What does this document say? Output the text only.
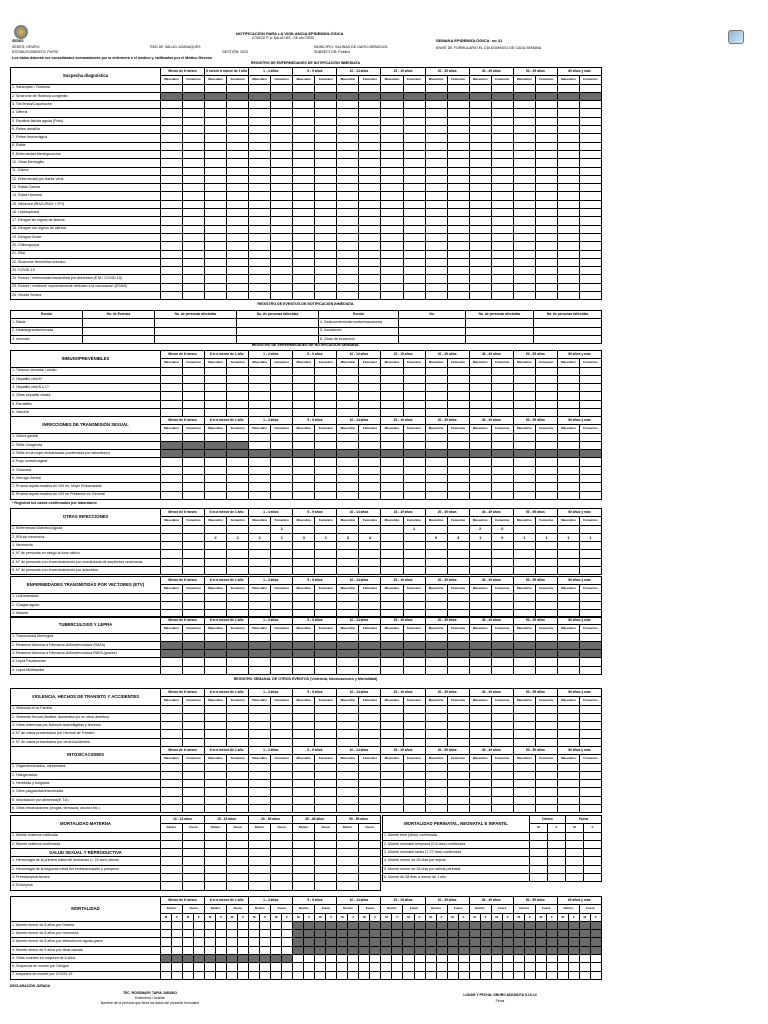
SEDES
SEDES: ORURO
ESTABLECIMIENTO: PUSSI
NOTIFICACIÓN PARA LA VIGILANCIA EPIDEMIOLÓGICA
CÓDIGO P. A. SALUD MS - SE-xxx7/2020
RED DE SALUD: AZANAQUES
GESTIÓN: 2023
MUNICIPIO: SALINAS DE GARCI MENDOZA
SUBSECTOR: Público
SEMANA EPIDEMIOLÓGICA: no 41
ENVÍE DE FORMULARIO EL DÍA DOMINGO DE CADA SEMANA
Los datos deberán ser consolidados semanalmente por la enfermera o el médico y, ratificados por el Médico Director
REGISTRO DE ENFERMEDADES DE NOTIFICACIÓN INMEDIATA
Sospecha diagnóstica	Menor de 6 meses		6 meses a menor de 1 año		1 - 4 años		5 - 9 años		10 - 14 años		15 - 19 años		20 - 39 años		40 - 49 años		50 - 59 años		60 años y más	
	Masculino	Femenino	Masculino	Femenino	Masculino	Femenino	Masculino	Femenino	Masculino	Femenino	Masculino	Femenino	Masculino	Femenino	Masculino	Femenino	Masculino	Femenino	Masculino	Femenino
1. Sarampión / Rubéola																				
2. Síndrome de Rubéola congénita																				
3. Tos ferina/Coqueluche																				
4. Difteria																				
5. Parálisis flácida aguda (Polio)																				
6. Fiebre amarilla																				
7. Fiebre hemorrágica																				
8. Rabia																				
9. Enfermedad Meningocócica																				
10. Otras Meningitis																				
11. Cólera																				
12. Enfermedad por Hanta Virus																				
13. Rabia Canina																				
14. Rabia Humana																				
15. Influenza (IRAG,IRAG + ETI)																				
16. Leptospirosis																				
17. Dengue sin signos de alarma																				
18. Dengue con signos de alarma																				
19. Dengue Grave																				
20. Chikungunya																				
21. Zika																				
22. Síndrome Hemolítico urémico																				
23. COVID-19																				
24. Evento / enfermedad transmitida por alimentos (ETA / COVID-19)																				
25. Evento / síndrome supuestamente atribuido a la vacunación (ESAVI)																				
26. Viruela Símica																				
REGISTRO DE EVENTOS DE NOTIFICACIÓN INMEDIATA
Evento	No. de Eventos	No. de personas afectadas	No. de personas fallecidas	Evento	No.	No. de personas afectadas	No. de personas fallecidas
1. Riada				4. Deslizamiento/derrumbe/mazamorra			
2. Helada/granizo/nevada				5. Inundación			
3. Incendio				6. Otras de excepción			
REGISTRO DE ENFERMEDADES DE NOTIFICACIÓN SEMANAL
INMUNOPREVENIBLES	Menor de 6 meses		6 m a menor de 1 año		1 - 4 años		5 - 9 años		10 - 14 años		15 - 19 años		20 - 39 años		40 - 49 años		50 - 59 años		60 años y más	
	Masculino	Femenino	Masculino	Femenino	Masculino	Femenino	Masculino	Femenino	Masculino	Femenino	Masculino	Femenino	Masculino	Femenino	Masculino	Femenino	Masculino	Femenino	Masculino	Femenino
1. Tétanos neonatal / adulto																				
2. Hepatitis viral A*																				
3. Hepatitis viral B o C*																				
4. Otras hepatitis virales																				
5. Parotiditis																				
6. Varicela																				
INFECCIONES DE TRANSMISIÓN SEXUAL	Menor de 6 meses		6 m a menor de 1 año		1 - 4 años		5 - 9 años		10 - 14 años		15 - 19 años		20 - 39 años		40 - 49 años		50 - 59 años		60 años y más	
	Masculino	Femenino	Masculino	Femenino	Masculino	Femenino	Masculino	Femenino	Masculino	Femenino	Masculino	Femenino	Masculino	Femenino	Masculino	Femenino	Masculino	Femenino	Masculino	Femenino
1. Úlcera genital																				
2. Sífilis Congénita																				
3. Sífilis en la mujer embarazada (confirmada por laboratorio)																				
4. Flujo uretral/vaginal																				
5. Gonorrea																				
6. Verruga Genital																				
7. Prueba rápida reactiva de VIH en: Mujer Embarazada																				
8. Prueba rápida reactiva de VIH en Población en General																				
OTRAS INFECCIONES	Menor de 6 meses		6 m a menor de 1 año		1 - 4 años		5 - 9 años		10 - 14 años		15 - 19 años		20 - 39 años		40 - 49 años		50 - 59 años		60 años y más	
	Masculino	Femenino	Masculino	Femenino	Masculino	Femenino	Masculino	Femenino	Masculino	Femenino	Masculino	Femenino	Masculino	Femenino	Masculino	Femenino	Masculino	Femenino	Masculino	Femenino
1. Enfermedad Diarreica Aguda						1						1			2	0				
2. IRA sin neumonía			2	2	2	1	3	1	3	4			0	3	1	0	1	1	1	1
3. Neumonía																				
4. N° de personas en riesgo al virus rábico																				
5. N° de personas con envenenamiento por mordeduras de serpientes venenosas																				
6. N° de personas con envenenamiento por arácnidos																				
ENFERMEDADES TRANSMITIDAS POR VECTORES (ETV)	Menor de 6 meses		6 m a menor de 1 año		1 - 4 años		5 - 9 años		10 - 14 años		15 - 19 años		20 - 39 años		40 - 49 años		50 - 59 años		60 años y más	
	Masculino	Femenino	Masculino	Femenino	Masculino	Femenino	Masculino	Femenino	Masculino	Femenino	Masculino	Femenino	Masculino	Femenino	Masculino	Femenino	Masculino	Femenino	Masculino	Femenino
1. Leishmaniasis																				
2. Chagas agudo																				
3. Malaria																				
TUBERCULOSIS Y LEPRA	Menor de 6 meses		6 m a menor de 1 año		1 - 4 años		5 - 9 años		10 - 14 años		15 - 19 años		20 - 39 años		40 - 49 años		50 - 59 años		60 años y más	
	Masculino	Femenino	Masculino	Femenino	Masculino	Femenino	Masculino	Femenino	Masculino	Femenino	Masculino	Femenino	Masculino	Femenino	Masculino	Femenino	Masculino	Femenino	Masculino	Femenino
1. Tuberculosis Meníngea																				
2. Reacción Adversa a Fármacos Antituberculosos (RAFA)																				
3. Reacción Adversa a Fármacos Antituberculosos RAFA (graves)																				
4. Lepra Paucibacilar																				
5. Lepra Multibacilar																				
* Registrar los casos confirmados por laboratorio
REGISTRO SEMANAL DE OTROS EVENTOS (Violencia, Intoxicaciones y Mortalidad)
VIOLENCIA, HECHOS DE TRANSITO Y ACCIDENTES	Menor de 6 meses		6 m a menor de 1 año		1 - 4 años		5 - 9 años		10 - 14 años		15 - 19 años		20 - 39 años		40 - 49 años		50 - 59 años		60 años y más	
	Masculino	Femenino	Masculino	Femenino	Masculino	Femenino	Masculino	Femenino	Masculino	Femenino	Masculino	Femenino	Masculino	Femenino	Masculino	Femenino	Masculino	Femenino	Masculino	Femenino
1. Violencia en la Familia																				
2. Violencia Sexual (familiar, doméstica y/o en otros ámbitos)																				
3. Otras violencias por lesiones autoinfligidas y terceros																				
4. N° de casos presentados por Hechos de Tránsito																				
5. N° de casos presentados por otros Accidentes																				
INTOXICACIONES	Menor de 6 meses		6 m a menor de 1 año		1 - 4 años		5 - 9 años		10 - 14 años		15 - 19 años		20 - 39 años		40 - 49 años		50 - 59 años		60 años y más	
	Masculino	Femenino	Masculino	Femenino	Masculino	Femenino	Masculino	Femenino	Masculino	Femenino	Masculino	Femenino	Masculino	Femenino	Masculino	Femenino	Masculino	Femenino	Masculino	Femenino
1. Organofosforados, carbamatos																				
2. Halogenados																				
3. Herbicida y fungicida																				
4. Otros plaguicidas/insecticidas																				
5. Intoxicación por alimentos(E.T.A)																				
6. Otras intoxicaciones (drogas, fármacos, alcohol etc.)																				
MORTALIDAD MATERNA	10 - 14 años		15 - 19 años		20 - 39 años		40 - 49 años		50 - 59 años	
	Dentro	Fuera	Dentro	Fuera	Dentro	Fuera	Dentro	Fuera	Dentro	Fuera
1. Muerte materna notificada										
2. Muerte materna confirmada										
SALUD SEXUAL Y REPRODUCTIVA										
1. Hemorragia de la primera mitad del embarazo (< 22 sem) aborto										
2. Hemorragia de la segunda mitad del embarazo/parto y puerperio										
3. Preeclampsia severa										
4. Eclampsia										
MORTALIDAD PERINATAL, NEONATAL E INFANTIL	Dentro		Fuera	
	M	F	M	F
1. Muerte fetal (óbito) confirmada				
2. Muerte neonatal temprana (0-6 días) confirmada				
3. Muerte neonatal tardía (7-27 días) confirmada				
4. Muerte menor de 28 días por sepsis				
5. Muerte menor de 28 días por asfixia perinatal				
6. Muerte de 28 días a menor de 1 año				
MORTALIDAD	Menor de 6 meses				6 m a menor de 1 año				1 - 4 años				5 - 9 años				10 - 14 años				15 - 19 años				20 - 39 años				40 - 49 años				50 - 59 años				60 años y más			
	Dentro		Fuera		Dentro		Fuera		Dentro		Fuera		Dentro		Fuera		Dentro		Fuera		Dentro		Fuera		Dentro		Fuera		Dentro		Fuera		Dentro		Fuera		Dentro		Fuera	
	M	F	M	F	M	F	M	F	M	F	M	F	M	F	M	F	M	F	M	F	M	F	M	F	M	F	M	F	M	F	M	F	M	F	M	F	M	F	M	F
1. Muerte menor de 5 años por Diarrea																																								
2. Muerte menor de 5 años por neumonía																																								
3. Muerte menor de 5 años por desnutrición aguda grave																																								
4. Muerte menor de 5 años por otras causas																																								
5. Otras muertes en mayores de 5 años																																								
6. Sospecha de muerte por Dengue																																								
7. sospecha de muerte por COVID-19																																								
DECLARACIÓN JURADA
TEC. ROSSMARY TAPIA JURADO
Enfermera / Auxiliar
Nombre de la persona que llena los datos del presente formulario
LUGAR Y FECHA: ORURO ADIUNUTA 9-10-14
Firma
